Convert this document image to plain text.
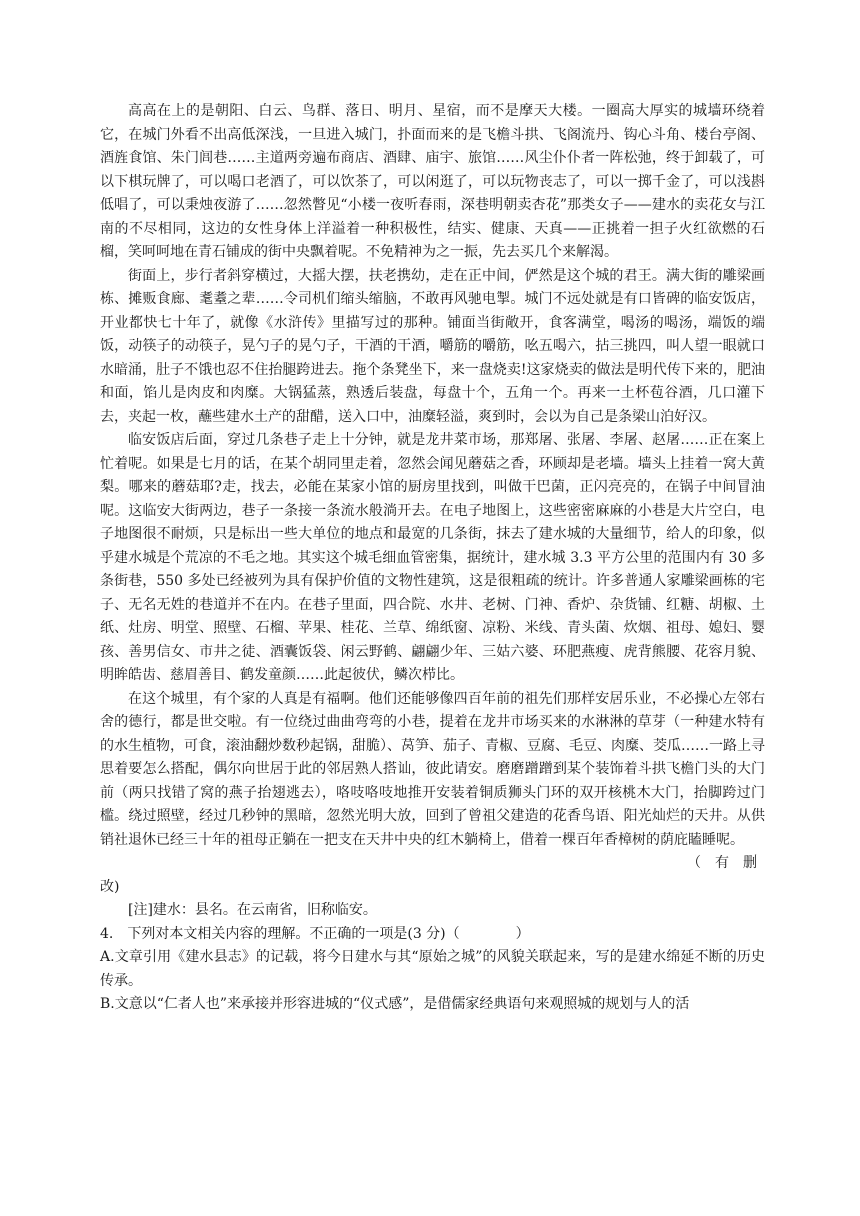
高高在上的是朝阳、白云、鸟群、落日、明月、星宿，而不是摩天大楼。一圈高大厚实的城墙环绕着它，在城门外看不出高低深浅，一旦进入城门，扑面而来的是飞檐斗拱、飞阁流丹、钩心斗角、楼台亭阁、酒旌食馆、朱门闾巷……主道两旁遍布商店、酒肆、庙宇、旅馆……风尘仆仆者一阵松弛，终于卸载了，可以下棋玩牌了，可以喝口老酒了，可以饮茶了，可以闲逛了，可以玩物丧志了，可以一掷千金了，可以浅斟低唱了，可以秉烛夜游了……忽然瞥见“小楼一夜听春雨，深巷明朝卖杏花”那类女子——建水的卖花女与江南的不尽相同，这边的女性身体上洋溢着一种积极性，结实、健康、天真——正挑着一担子火红欲燃的石榴，笑呵呵地在青石铺成的街中央飘着呢。不免精神为之一振，先去买几个来解渴。

街面上，步行者斜穿横过，大摇大摆，扶老携幼，走在正中间，俨然是这个城的君王。满大街的雕梁画栋、摊贩食廊、耄耋之辈……令司机们缩头缩脑，不敢再风驰电掣。城门不远处就是有口皆碑的临安饭店，开业都快七十年了，就像《水浒传》里描写过的那种。铺面当街敞开，食客满堂，喝汤的喝汤，端饭的端饭，动筷子的动筷子，晃勺子的晃勺子，干酒的干酒，嚼筋的嚼筋，吆五喝六，拈三挑四，叫人望一眼就口水暗涌，肚子不饿也忍不住抬腿跨进去。拖个条凳坐下，来一盘烧卖!这家烧卖的做法是明代传下来的，肥油和面，馅儿是肉皮和肉糜。大锅猛蒸，熟透后装盘，每盘十个，五角一个。再来一土杯苞谷酒，几口灌下去，夹起一枚，蘸些建水土产的甜醋，送入口中，油糜轻溢，爽到时，会以为自己是条梁山泊好汉。

临安饭店后面，穿过几条巷子走上十分钟，就是龙井菜市场，那郑屠、张屠、李屠、赵屠……正在案上忙着呢。如果是七月的话，在某个胡同里走着，忽然会闻见蘑菇之香，环顾却是老墙。墙头上挂着一窝大黄梨。哪来的蘑菇耶?走，找去，必能在某家小馆的厨房里找到，叫做干巴菌，正闪亮亮的，在锅子中间冒油呢。这临安大街两边，巷子一条接一条流水般淌开去。在电子地图上，这些密密麻麻的小巷是大片空白，电子地图很不耐烦，只是标出一些大单位的地点和最宽的几条街，抹去了建水城的大量细节，给人的印象，似乎建水城是个荒凉的不毛之地。其实这个城毛细血管密集，据统计，建水城 3.3 平方公里的范围内有 30 多条街巷，550 多处已经被列为具有保护价值的文物性建筑，这是很粗疏的统计。许多普通人家雕梁画栋的宅子、无名无姓的巷道并不在内。在巷子里面，四合院、水井、老树、门神、香炉、杂货铺、红糖、胡椒、土纸、灶房、明堂、照壁、石榴、苹果、桂花、兰草、绵纸窗、凉粉、米线、青头菌、炊烟、祖母、媳妇、婴孩、善男信女、市井之徒、酒囊饭袋、闲云野鹤、翩翩少年、三姑六婆、环肥燕瘦、虎背熊腰、花容月貌、明眸皓齿、慈眉善目、鹤发童颜……此起彼伏，鳞次栉比。

在这个城里，有个家的人真是有福啊。他们还能够像四百年前的祖先们那样安居乐业，不必操心左邻右舍的德行，都是世交啦。有一位绕过曲曲弯弯的小巷，提着在龙井市场买来的水淋淋的草芽（一种建水特有的水生植物，可食，滚油翻炒数秒起锅，甜脆）、莴笋、茄子、青椒、豆腐、毛豆、肉糜、茭瓜……一路上寻思着要怎么搭配，偶尔向世居于此的邻居熟人搭讪，彼此请安。磨磨蹭蹭到某个装饰着斗拱飞檐门头的大门前（两只找错了窝的燕子抬翅逃去），咯吱咯吱地推开安装着铜质狮头门环的双开核桃木大门，抬脚跨过门槛。绕过照壁，经过几秒钟的黑暗，忽然光明大放，回到了曾祖父建造的花香鸟语、阳光灿烂的天井。从供销社退休已经三十年的祖母正躺在一把支在天井中央的红木躺椅上，借着一棵百年香樟树的荫庇瞌睡呢。

（　有　删

改)

[注]建水：县名。在云南省，旧称临安。

4.　下列对本文相关内容的理解。不正确的一项是(3 分)（　　　　）

A.文章引用《建水县志》的记载，将今日建水与其“原始之城”的风貌关联起来，写的是建水绵延不断的历史传承。

B.文意以“仁者人也”来承接并形容进城的“仪式感”，是借儒家经典语句来观照城的规划与人的活
